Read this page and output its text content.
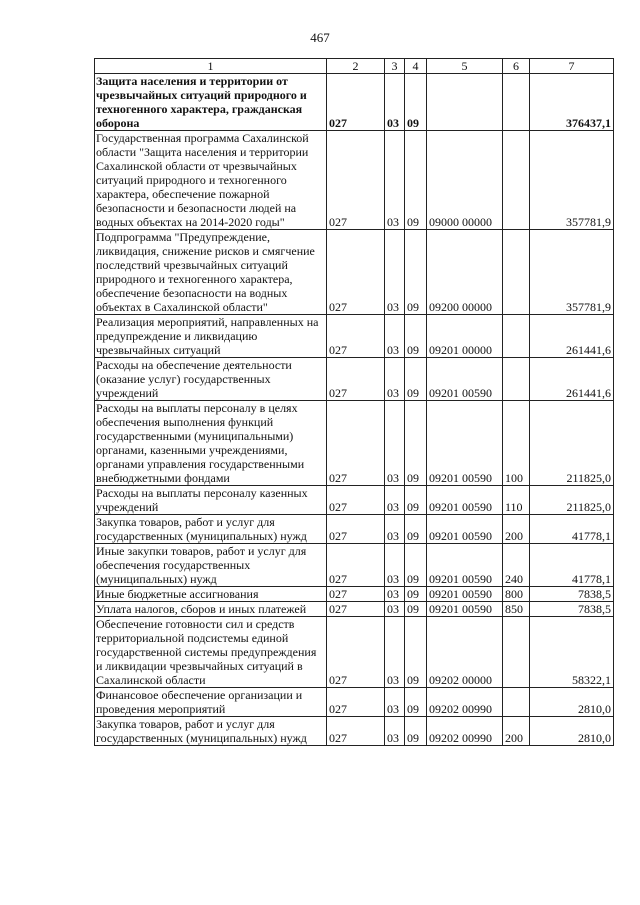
467
1	2	3	4	5	6	7
Защита населения и территории от чрезвычайных ситуаций природного и техногенного характера, гражданская оборона	027	03	09			376437,1
Государственная программа Сахалинской области "Защита населения и территории Сахалинской области от чрезвычайных ситуаций природного и техногенного характера, обеспечение пожарной безопасности и безопасности людей на водных объектах на 2014-2020 годы"	027	03	09	09000 00000		357781,9
Подпрограмма "Предупреждение, ликвидация, снижение рисков и смягчение последствий чрезвычайных ситуаций природного и техногенного характера, обеспечение безопасности на водных объектах в Сахалинской области"	027	03	09	09200 00000		357781,9
Реализация мероприятий, направленных на предупреждение и ликвидацию чрезвычайных ситуаций	027	03	09	09201 00000		261441,6
Расходы на обеспечение деятельности (оказание услуг) государственных учреждений	027	03	09	09201 00590		261441,6
Расходы на выплаты персоналу в целях обеспечения выполнения функций государственными (муниципальными) органами, казенными учреждениями, органами управления государственными внебюджетными фондами	027	03	09	09201 00590	100	211825,0
Расходы на выплаты персоналу казенных учреждений	027	03	09	09201 00590	110	211825,0
Закупка товаров, работ и услуг для государственных (муниципальных) нужд	027	03	09	09201 00590	200	41778,1
Иные закупки товаров, работ и услуг для обеспечения государственных (муниципальных) нужд	027	03	09	09201 00590	240	41778,1
Иные бюджетные ассигнования	027	03	09	09201 00590	800	7838,5
Уплата налогов, сборов и иных платежей	027	03	09	09201 00590	850	7838,5
Обеспечение готовности сил и средств территориальной подсистемы единой государственной системы предупреждения и ликвидации чрезвычайных ситуаций в Сахалинской области	027	03	09	09202 00000		58322,1
Финансовое обеспечение организации и проведения мероприятий	027	03	09	09202 00990		2810,0
Закупка товаров, работ и услуг для государственных (муниципальных) нужд	027	03	09	09202 00990	200	2810,0
